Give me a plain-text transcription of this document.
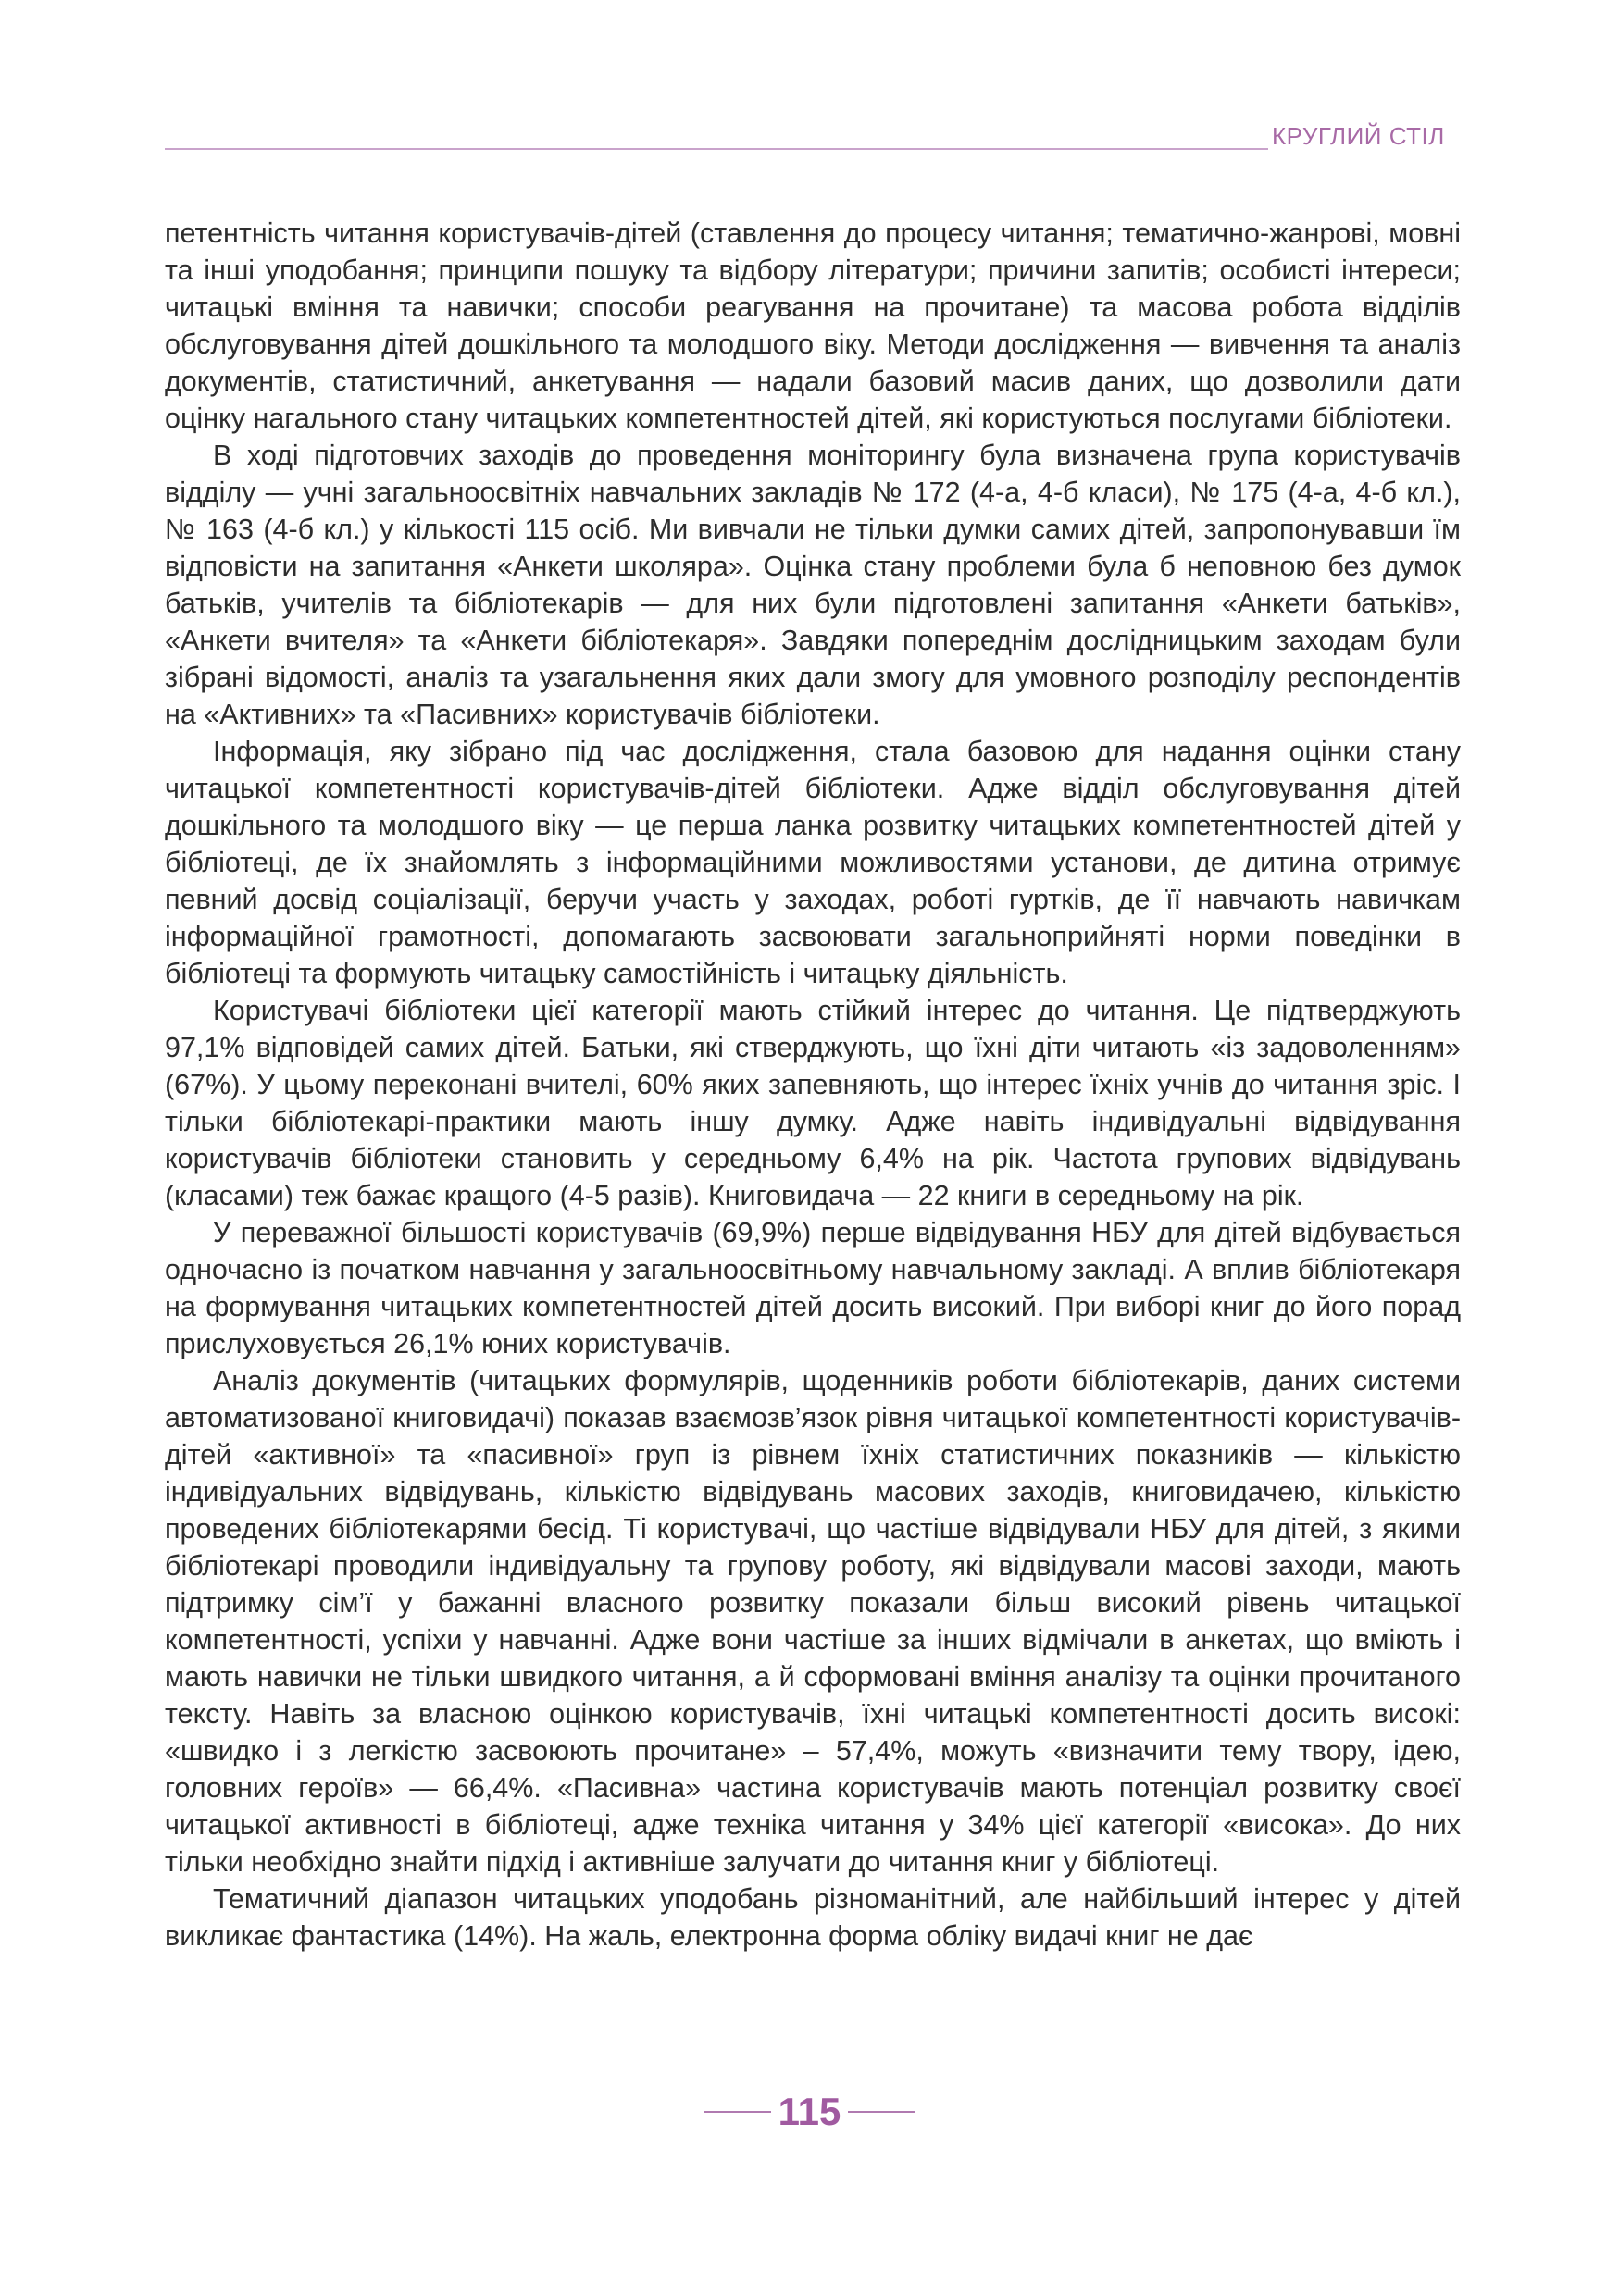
КРУГЛИЙ СТІЛ

петентність читання користувачів-дітей (ставлення до процесу читання; тематично-жанрові, мовні та інші уподобання; принципи пошуку та відбору літератури; причини запитів; особисті інтереси; читацькі вміння та навички; способи реагування на прочитане) та масова робота відділів обслуговування дітей дошкільного та молодшого віку. Методи дослідження — вивчення та аналіз документів, статистичний, анкетування — надали базовий масив даних, що дозволили дати оцінку нагального стану читацьких компетентностей дітей, які користуються послугами бібліотеки.

В ході підготовчих заходів до проведення моніторингу була визначена група користувачів відділу — учні загальноосвітніх навчальних закладів № 172 (4-а, 4-б класи), № 175 (4-а, 4-б кл.), № 163 (4-б кл.) у кількості 115 осіб. Ми вивчали не тільки думки самих дітей, запропонувавши їм відповісти на запитання «Анкети школяра». Оцінка стану проблеми була б неповною без думок батьків, учителів та бібліотекарів — для них були підготовлені запитання «Анкети батьків», «Анкети вчителя» та «Анкети бібліотекаря». Завдяки попереднім дослідницьким заходам були зібрані відомості, аналіз та узагальнення яких дали змогу для умовного розподілу респондентів на «Активних» та «Пасивних» користувачів бібліотеки.

Інформація, яку зібрано під час дослідження, стала базовою для надання оцінки стану читацької компетентності користувачів-дітей бібліотеки. Адже відділ обслуговування дітей дошкільного та молодшого віку — це перша ланка розвитку читацьких компетентностей дітей у бібліотеці, де їх знайомлять з інформаційними можливостями установи, де дитина отримує певний досвід соціалізації, беручи участь у заходах, роботі гуртків, де її навчають навичкам інформаційної грамотності, допомагають засвоювати загальноприйняті норми поведінки в бібліотеці та формують читацьку самостійність і читацьку діяльність.

Користувачі бібліотеки цієї категорії мають стійкий інтерес до читання. Це підтверджують 97,1% відповідей самих дітей. Батьки, які стверджують, що їхні діти читають «із задоволенням» (67%). У цьому переконані вчителі, 60% яких запевняють, що інтерес їхніх учнів до читання зріс. І тільки бібліотекарі-практики мають іншу думку. Адже навіть індивідуальні відвідування користувачів бібліотеки становить у середньому 6,4% на рік. Частота групових відвідувань (класами) теж бажає кращого (4-5 разів). Книговидача — 22 книги в середньому на рік.

У переважної більшості користувачів (69,9%) перше відвідування НБУ для дітей відбувається одночасно із початком навчання у загальноосвітньому навчальному закладі. А вплив бібліотекаря на формування читацьких компетентностей дітей досить високий. При виборі книг до його порад прислуховується 26,1% юних користувачів.

Аналіз документів (читацьких формулярів, щоденників роботи бібліотекарів, даних системи автоматизованої книговидачі) показав взаємозв’язок рівня читацької компетентності користувачів-дітей «активної» та «пасивної» груп із рівнем їхніх статистичних показників — кількістю індивідуальних відвідувань, кількістю відвідувань масових заходів, книговидачею, кількістю проведених бібліотекарями бесід. Ті користувачі, що частіше відвідували НБУ для дітей, з якими бібліотекарі проводили індивідуальну та групову роботу, які відвідували масові заходи, мають підтримку сім’ї у бажанні власного розвитку показали більш високий рівень читацької компетентності, успіхи у навчанні. Адже вони частіше за інших відмічали в анкетах, що вміють і мають навички не тільки швидкого читання, а й сформовані вміння аналізу та оцінки прочитаного тексту. Навіть за власною оцінкою користувачів, їхні читацькі компетентності досить високі: «швидко і з легкістю засвоюють прочитане» – 57,4%, можуть «визначити тему твору, ідею, головних героїв» — 66,4%. «Пасивна» частина користувачів мають потенціал розвитку своєї читацької активності в бібліотеці, адже техніка читання у 34% цієї категорії «висока». До них тільки необхідно знайти підхід і активніше залучати до читання книг у бібліотеці.

Тематичний діапазон читацьких уподобань різноманітний, але найбільший інтерес у дітей викликає фантастика (14%). На жаль, електронна форма обліку видачі книг не дає

115
